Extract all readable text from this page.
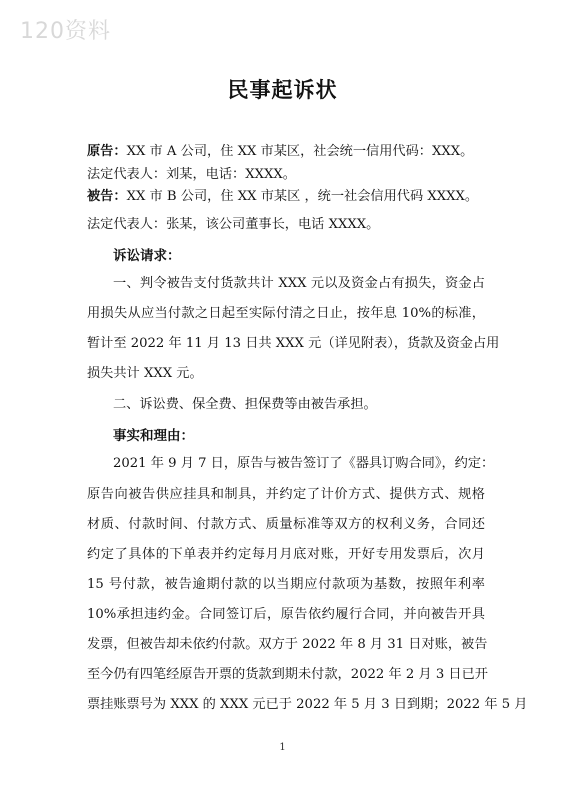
120资料
民事起诉状
原告：XX 市 A 公司，住 XX 市某区，社会统一信用代码：XXX。
法定代表人：刘某，电话：XXXX。
被告：XX 市 B 公司，住 XX 市某区 ，统一社会信用代码 XXXX。
法定代表人：张某，该公司董事长，电话 XXXX。
诉讼请求：
一、判令被告支付货款共计 XXX 元以及资金占有损失，资金占
用损失从应当付款之日起至实际付清之日止，按年息 10%的标准，
暂计至 2022 年 11 月 13 日共 XXX 元（详见附表），货款及资金占用
损失共计 XXX 元。
二、诉讼费、保全费、担保费等由被告承担。
事实和理由：
2021 年 9 月 7 日，原告与被告签订了《器具订购合同》，约定：
原告向被告供应挂具和制具，并约定了计价方式、提供方式、规格
材质、付款时间、付款方式、质量标准等双方的权利义务，合同还
约定了具体的下单表并约定每月月底对账，开好专用发票后，次月
15 号付款，被告逾期付款的以当期应付款项为基数，按照年利率
10%承担违约金。合同签订后，原告依约履行合同，并向被告开具
发票，但被告却未依约付款。双方于 2022 年 8 月 31 日对账，被告
至今仍有四笔经原告开票的货款到期未付款，2022 年 2 月 3 日已开
票挂账票号为 XXX 的 XXX 元已于 2022 年 5 月 3 日到期；2022 年 5 月
1
